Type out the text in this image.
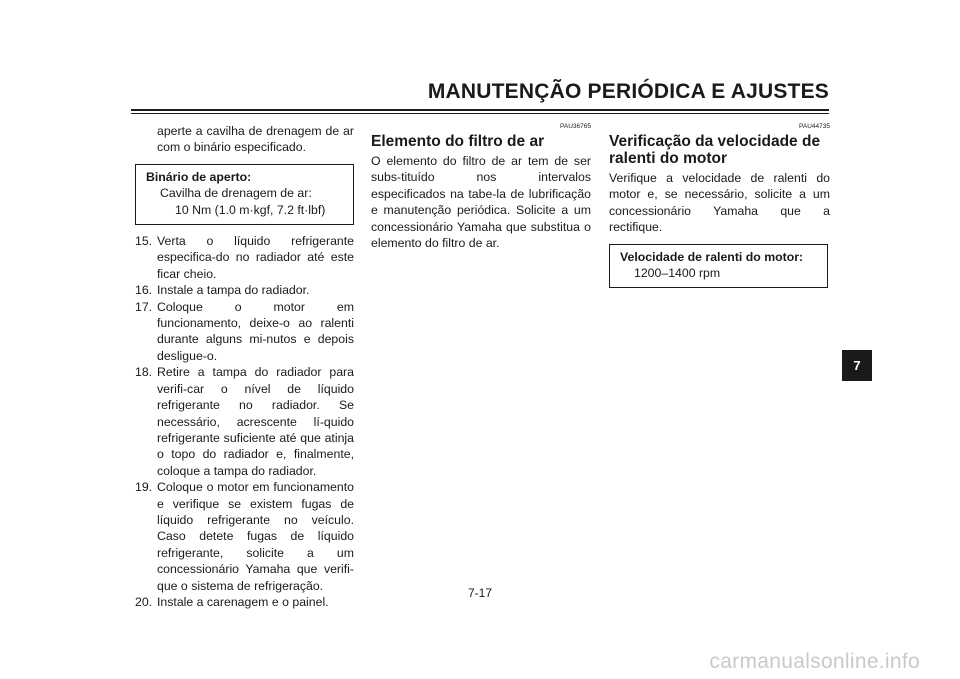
MANUTENÇÃO PERIÓDICA E AJUSTES
aperte a cavilha de drenagem de ar com o binário especificado.
Binário de aperto:
Cavilha de drenagem de ar:
10 Nm (1.0 m·kgf, 7.2 ft·lbf)
15. Verta o líquido refrigerante especifica-do no radiador até este ficar cheio.
16. Instale a tampa do radiador.
17. Coloque o motor em funcionamento, deixe-o ao ralenti durante alguns mi-nutos e depois desligue-o.
18. Retire a tampa do radiador para verifi-car o nível de líquido refrigerante no radiador. Se necessário, acrescente lí-quido refrigerante suficiente até que atinja o topo do radiador e, finalmente, coloque a tampa do radiador.
19. Coloque o motor em funcionamento e verifique se existem fugas de líquido refrigerante no veículo. Caso detete fugas de líquido refrigerante, solicite a um concessionário Yamaha que verifi-que o sistema de refrigeração.
20. Instale a carenagem e o painel.
PAU36765
Elemento do filtro de ar
O elemento do filtro de ar tem de ser subs-tituído nos intervalos especificados na tabe-la de lubrificação e manutenção periódica. Solicite a um concessionário Yamaha que substitua o elemento do filtro de ar.
PAU44735
Verificação da velocidade de ralenti do motor
Verifique a velocidade de ralenti do motor e, se necessário, solicite a um concessionário Yamaha que a rectifique.
Velocidade de ralenti do motor:
1200–1400 rpm
7
7-17
carmanualsonline.info
